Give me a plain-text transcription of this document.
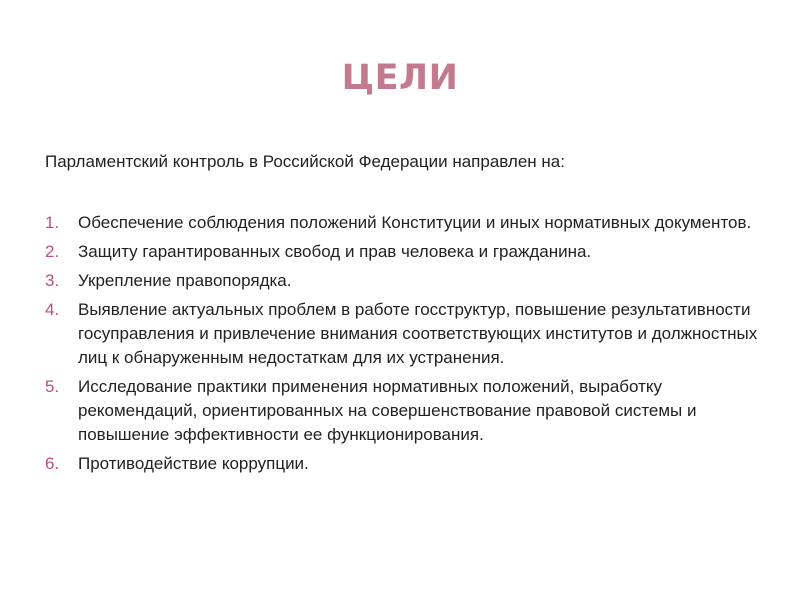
ЦЕЛИ
Парламентский контроль в Российской Федерации направлен на:
1. Обеспечение соблюдения положений Конституции и иных нормативных документов.
2. Защиту гарантированных свобод и прав человека и гражданина.
3. Укрепление правопорядка.
4. Выявление актуальных проблем в работе госструктур, повышение результативности госуправления и привлечение внимания соответствующих институтов и должностных лиц к обнаруженным недостаткам для их устранения.
5. Исследование практики применения нормативных положений, выработку рекомендаций, ориентированных на совершенствование правовой системы и повышение эффективности ее функционирования.
6. Противодействие коррупции.
